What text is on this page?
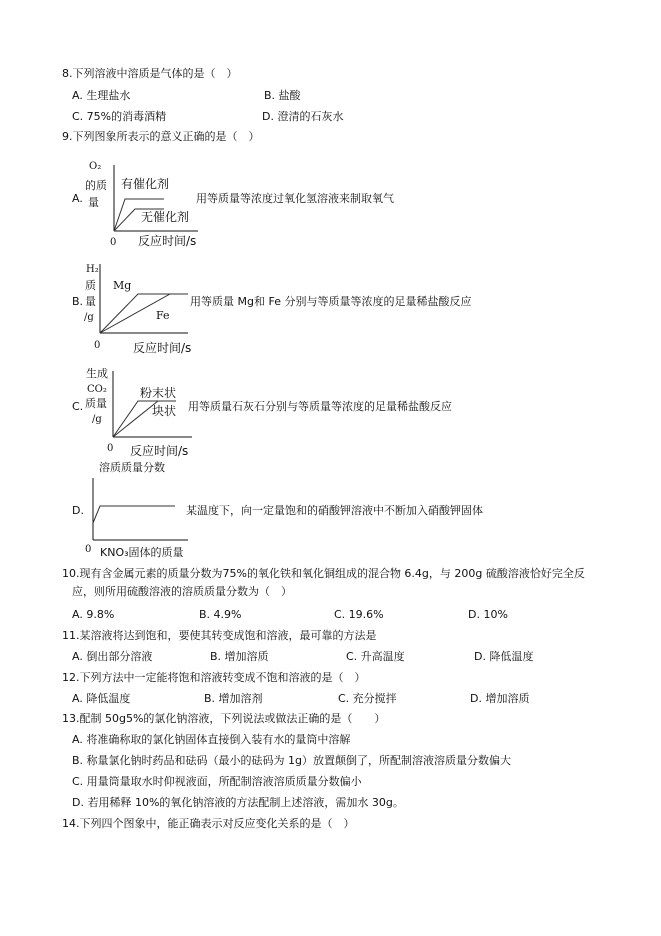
8.下列溶液中溶质是气体的是（　）
A. 生理盐水	B. 盐酸
C. 75%的消毒酒精	D. 澄清的石灰水
9.下列图象所表示的意义正确的是（　）
A.
O₂
的质
量
有催化剂
无催化剂
0 反应时间/s
用等质量等浓度过氧化氢溶液来制取氧气
B.
H₂
质
量
/g
Mg
Fe
0	反应时间/s
用等质量 Mg和 Fe 分别与等质量等浓度的足量稀盐酸反应
C.
生成
CO₂
质量
/g
粉末状
块状
0 反应时间/s
用等质量石灰石分别与等质量等浓度的足量稀盐酸反应
D.
溶质质量分数
0 KNO₃固体的质量
某温度下，向一定量饱和的硝酸钾溶液中不断加入硝酸钾固体
10.现有含金属元素的质量分数为75%的氧化铁和氧化铜组成的混合物 6.4g，与 200g 硫酸溶液恰好完全反
应，则所用硫酸溶液的溶质质量分数为（　）
A. 9.8%	B. 4.9%	C. 19.6%	D. 10%
11.某溶液将达到饱和，要使其转变成饱和溶液，最可靠的方法是
A. 倒出部分溶液	B. 增加溶质	C. 升高温度	D. 降低温度
12.下列方法中一定能将饱和溶液转变成不饱和溶液的是（　）
A. 降低温度	B. 增加溶剂	C. 充分搅拌	D. 增加溶质
13.配制 50g5%的氯化钠溶液，下列说法或做法正确的是（　　）
A. 将准确称取的氯化钠固体直接倒入装有水的量筒中溶解
B. 称量氯化钠时药品和砝码（最小的砝码为 1g）放置颠倒了，所配制溶液溶质量分数偏大
C. 用量筒量取水时仰视液面，所配制溶液溶质质量分数偏小
D. 若用稀释 10%的氧化钠溶液的方法配制上述溶液，需加水 30g。
14.下列四个图象中，能正确表示对反应变化关系的是（　）
